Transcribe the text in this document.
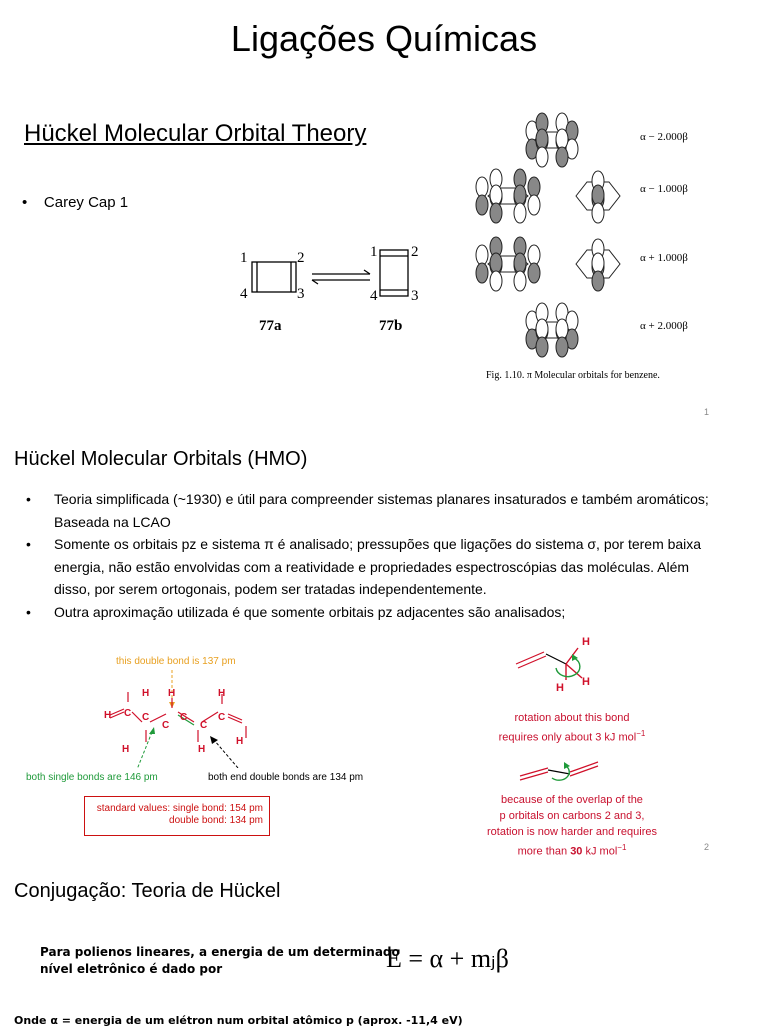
Ligações Químicas
Hückel Molecular Orbital Theory
•    Carey Cap 1
1	2
3
4
1 2
3
4
77a	77b
α − 2.000β
α − 1.000β
α + 1.000β
α + 2.000β
Fig. 1.10. π Molecular orbitals for benzene.
1
Hückel Molecular Orbitals (HMO)
• Teoria simplificada (~1930) e útil para compreender sistemas planares insaturados e também aromáticos; Baseada na LCAO
• Somente os orbitais pz e sistema π é analisado; pressupões que ligações do sistema σ, por terem baixa energia, não estão envolvidas com a reatividade e propriedades espectroscópias das moléculas. Além disso, por serem ortogonais, podem ser tratadas independentemente.
• Outra aproximação utilizada é que somente orbitais pz adjacentes são analisados;
this double bond is 137 pm
H C
H
C
H
C
H
C
H
C
H
C
H
both single bonds are 146 pm	both end double bonds are 134 pm
standard values: single bond: 154 pm
double bond: 134 pm
H
H H
rotation about this bond
requires only about 3 kJ mol$^{-1}$
because of the overlap of the
p orbitals on carbons 2 and 3,
rotation is now harder and requires
more than 30 kJ mol$^{-1}$	2
Conjugação: Teoria de Hückel
Para polienos lineares, a energia de um determinado
nível eletrônico é dado por	E = α + mⱼβ
Onde α = energia de um elétron num orbital atômico p (aprox. -11,4 eV)
